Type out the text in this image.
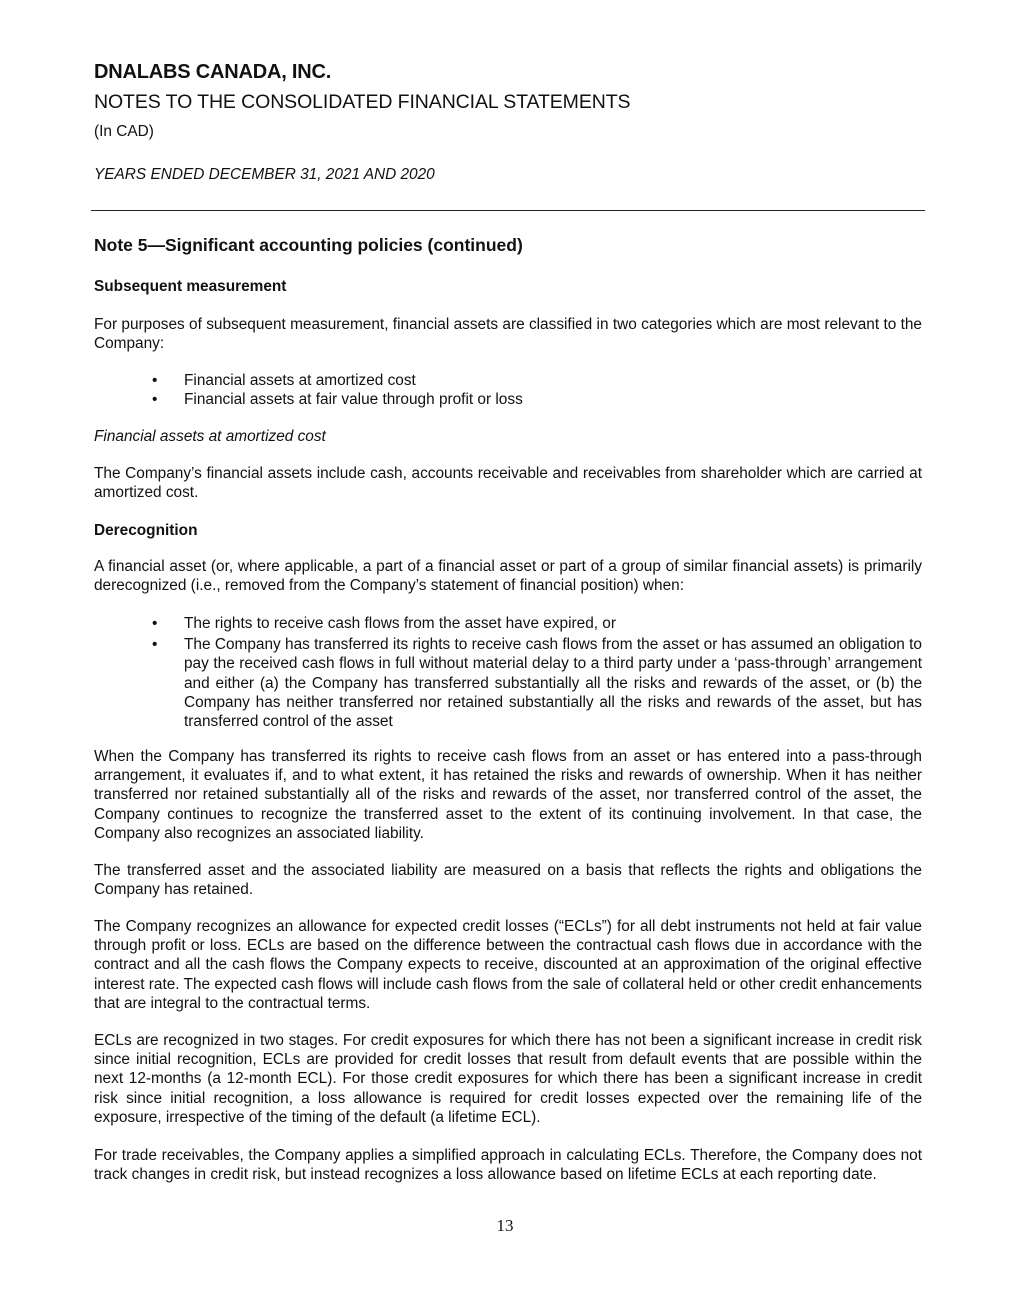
DNALABS CANADA, INC.
NOTES TO THE CONSOLIDATED FINANCIAL STATEMENTS
(In CAD)
YEARS ENDED DECEMBER 31, 2021 AND 2020
Note 5—Significant accounting policies (continued)
Subsequent measurement
For purposes of subsequent measurement, financial assets are classified in two categories which are most relevant to the Company:
• Financial assets at amortized cost
• Financial assets at fair value through profit or loss
Financial assets at amortized cost
The Company’s financial assets include cash, accounts receivable and receivables from shareholder which are carried at amortized cost.
Derecognition
A financial asset (or, where applicable, a part of a financial asset or part of a group of similar financial assets) is primarily derecognized (i.e., removed from the Company’s statement of financial position) when:
• The rights to receive cash flows from the asset have expired, or
• The Company has transferred its rights to receive cash flows from the asset or has assumed an obligation to pay the received cash flows in full without material delay to a third party under a ‘pass-through’ arrangement and either (a) the Company has transferred substantially all the risks and rewards of the asset, or (b) the Company has neither transferred nor retained substantially all the risks and rewards of the asset, but has transferred control of the asset
When the Company has transferred its rights to receive cash flows from an asset or has entered into a pass-through arrangement, it evaluates if, and to what extent, it has retained the risks and rewards of ownership. When it has neither transferred nor retained substantially all of the risks and rewards of the asset, nor transferred control of the asset, the Company continues to recognize the transferred asset to the extent of its continuing involvement. In that case, the Company also recognizes an associated liability.
The transferred asset and the associated liability are measured on a basis that reflects the rights and obligations the Company has retained.
The Company recognizes an allowance for expected credit losses (“ECLs”) for all debt instruments not held at fair value through profit or loss. ECLs are based on the difference between the contractual cash flows due in accordance with the contract and all the cash flows the Company expects to receive, discounted at an approximation of the original effective interest rate. The expected cash flows will include cash flows from the sale of collateral held or other credit enhancements that are integral to the contractual terms.
ECLs are recognized in two stages. For credit exposures for which there has not been a significant increase in credit risk since initial recognition, ECLs are provided for credit losses that result from default events that are possible within the next 12-months (a 12-month ECL). For those credit exposures for which there has been a significant increase in credit risk since initial recognition, a loss allowance is required for credit losses expected over the remaining life of the exposure, irrespective of the timing of the default (a lifetime ECL).
For trade receivables, the Company applies a simplified approach in calculating ECLs. Therefore, the Company does not track changes in credit risk, but instead recognizes a loss allowance based on lifetime ECLs at each reporting date.
13
